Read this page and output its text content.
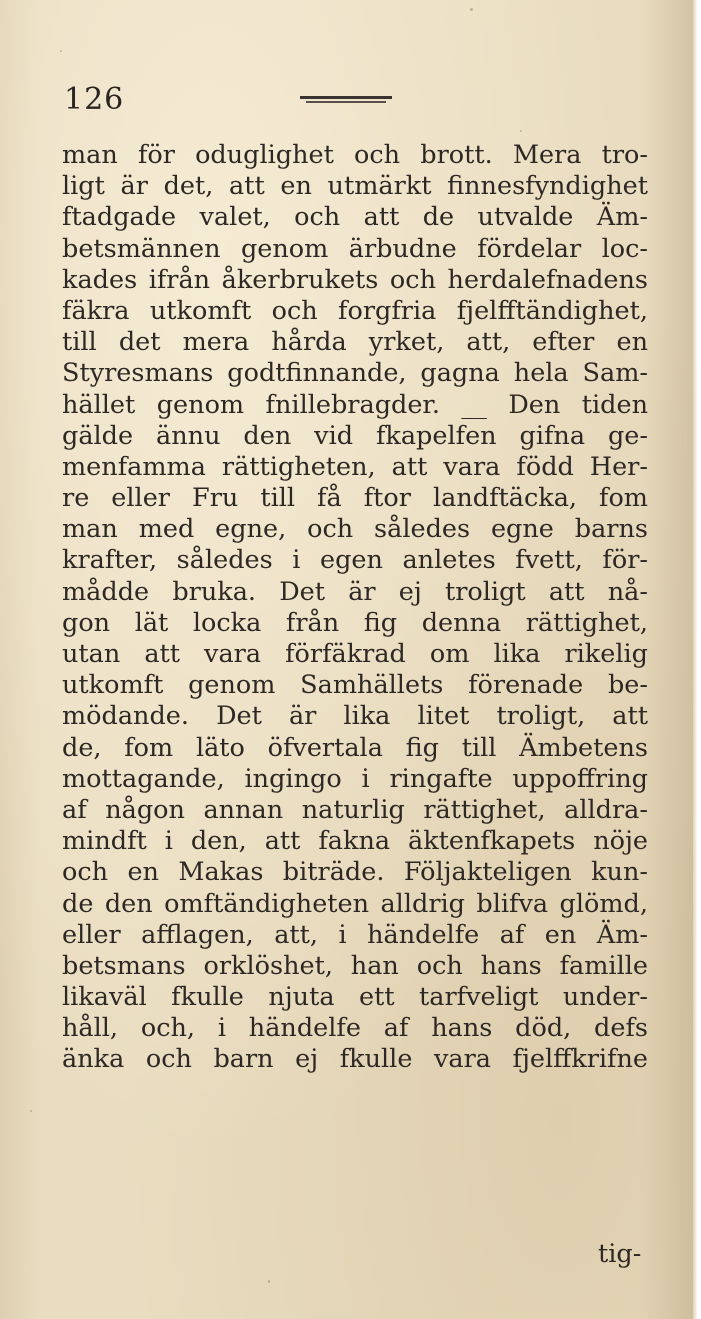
126
man för oduglighet och brott. Mera tro-
ligt är det, att en utmärkt finnesfyndighet
ftadgade valet, och att de utvalde Äm-
betsmännen genom ärbudne fördelar loc-
kades ifrån åkerbrukets och herdalefnadens
fäkra utkomft och forgfria fjelfftändighet,
till det mera hårda yrket, att, efter en
Styresmans godtfinnande, gagna hela Sam-
hället genom fnillebragder. __ Den tiden
gälde ännu den vid fkapelfen gifna ge-
menfamma rättigheten, att vara född Her-
re eller Fru till få ftor landftäcka, fom
man med egne, och således egne barns
krafter, således i egen anletes fvett, för-
mådde bruka. Det är ej troligt att nå-
gon lät locka från fig denna rättighet,
utan att vara förfäkrad om lika rikelig
utkomft genom Samhällets förenade be-
mödande. Det är lika litet troligt, att
de, fom läto öfvertala fig till Ämbetens
mottagande, ingingo i ringafte uppoffring
af någon annan naturlig rättighet, alldra-
mindft i den, att fakna äktenfkapets nöje
och en Makas biträde. Följakteligen kun-
de den omftändigheten alldrig blifva glömd,
eller afflagen, att, i händelfe af en Äm-
betsmans orklöshet, han och hans famille
likaväl fkulle njuta ett tarfveligt under-
håll, och, i händelfe af hans död, defs
änka och barn ej fkulle vara fjelffkrifne
tig-
